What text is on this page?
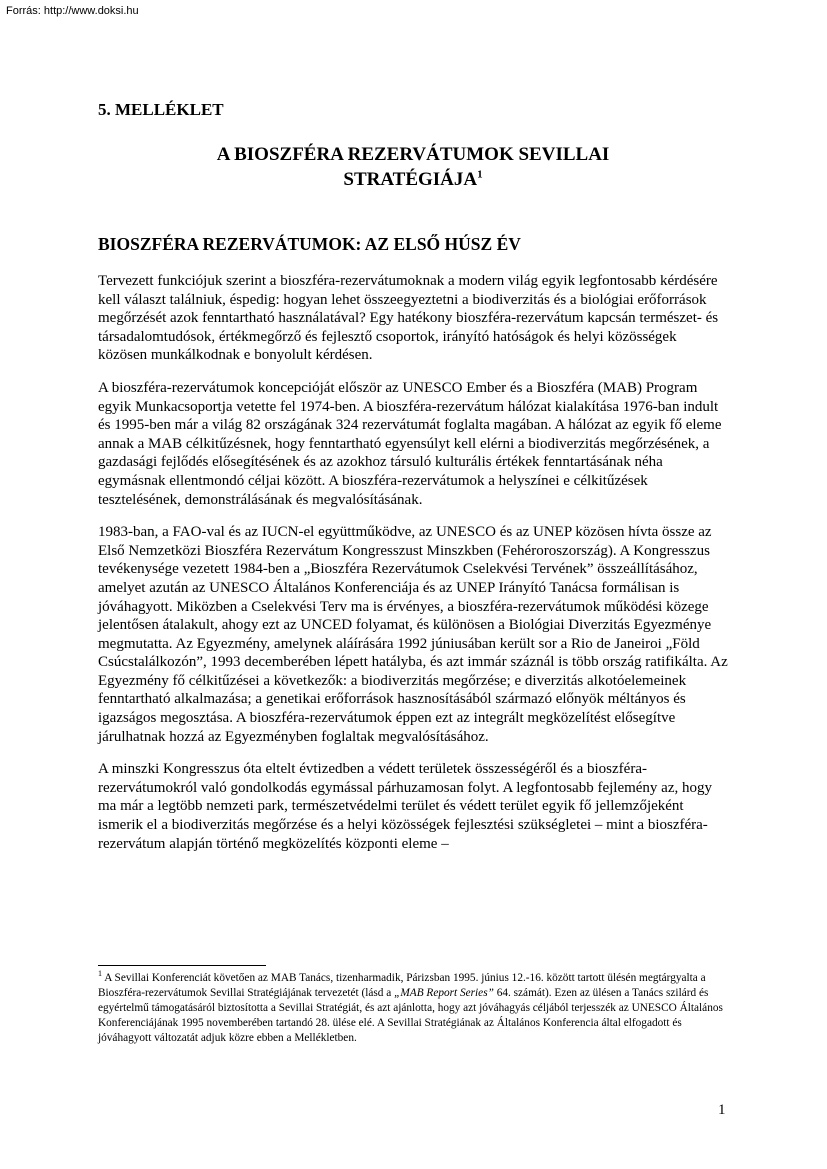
Forrás: http://www.doksi.hu
5. MELLÉKLET
A BIOSZFÉRA REZERVÁTUMOK SEVILLAI
STRATÉGIÁJA$^1$
BIOSZFÉRA REZERVÁTUMOK: AZ ELSŐ HÚSZ ÉV

Tervezett funkciójuk szerint a bioszféra-rezervátumoknak a modern világ egyik legfontosabb kérdésére kell választ találniuk, éspedig: hogyan lehet összeegyeztetni a biodiverzitás és a biológiai erőforrások megőrzését azok fenntartható használatával? Egy hatékony bioszféra-rezervátum kapcsán természet- és társadalomtudósok, értékmegőrző és fejlesztő csoportok, irányító hatóságok és helyi közösségek közösen munkálkodnak e bonyolult kérdésen.

A bioszféra-rezervátumok koncepcióját először az UNESCO Ember és a Bioszféra (MAB) Program egyik Munkacsoportja vetette fel 1974-ben. A bioszféra-rezervátum hálózat kialakítása 1976-ban indult és 1995-ben már a világ 82 országának 324 rezervátumát foglalta magában. A hálózat az egyik fő eleme annak a MAB célkitűzésnek, hogy fenntartható egyensúlyt kell elérni a biodiverzitás megőrzésének, a gazdasági fejlődés elősegítésének és az azokhoz társuló kulturális értékek fenntartásának néha egymásnak ellentmondó céljai között. A bioszféra-rezervátumok a helyszínei e célkitűzések tesztelésének, demonstrálásának és megvalósításának.

1983-ban, a FAO-val és az IUCN-el együttműködve, az UNESCO és az UNEP közösen hívta össze az Első Nemzetközi Bioszféra Rezervátum Kongresszust Minszkben (Fehéroroszország). A Kongresszus tevékenysége vezetett 1984-ben a „Bioszféra Rezervátumok Cselekvési Tervének” összeállításához, amelyet azután az UNESCO Általános Konferenciája és az UNEP Irányító Tanácsa formálisan is jóváhagyott. Miközben a Cselekvési Terv ma is érvényes, a bioszféra-rezervátumok működési közege jelentősen átalakult, ahogy ezt az UNCED folyamat, és különösen a Biológiai Diverzitás Egyezménye megmutatta. Az Egyezmény, amelynek aláírására 1992 júniusában került sor a Rio de Janeiroi „Föld Csúcstalálkozón”, 1993 decemberében lépett hatályba, és azt immár száznál is több ország ratifikálta. Az Egyezmény fő célkitűzései a következők: a biodiverzitás megőrzése; e diverzitás alkotóelemeinek fenntartható alkalmazása; a genetikai erőforrások hasznosításából származó előnyök méltányos és igazságos megosztása. A bioszféra-rezervátumok éppen ezt az integrált megközelítést elősegítve járulhatnak hozzá az Egyezményben foglaltak megvalósításához.

A minszki Kongresszus óta eltelt évtizedben a védett területek összességéről és a bioszféra-rezervátumokról való gondolkodás egymással párhuzamosan folyt. A legfontosabb fejlemény az, hogy ma már a legtöbb nemzeti park, természetvédelmi terület és védett terület egyik fő jellemzőjeként ismerik el a biodiverzitás megőrzése és a helyi közösségek fejlesztési szükségletei – mint a bioszféra-rezervátum alapján történő megközelítés központi eleme –

$^1$ A Sevillai Konferenciát követően az MAB Tanács, tizenharmadik, Párizsban 1995. június 12.-16. között tartott ülésén megtárgyalta a Bioszféra-rezervátumok Sevillai Stratégiájának tervezetét (lásd a „MAB Report Series” 64. számát). Ezen az ülésen a Tanács szilárd és egyértelmű támogatásáról biztosította a Sevillai Stratégiát, és azt ajánlotta, hogy azt jóváhagyás céljából terjesszék az UNESCO Általános Konferenciájának 1995 novemberében tartandó 28. ülése elé. A Sevillai Stratégiának az Általános Konferencia által elfogadott és jóváhagyott változatát adjuk közre ebben a Mellékletben.
1
